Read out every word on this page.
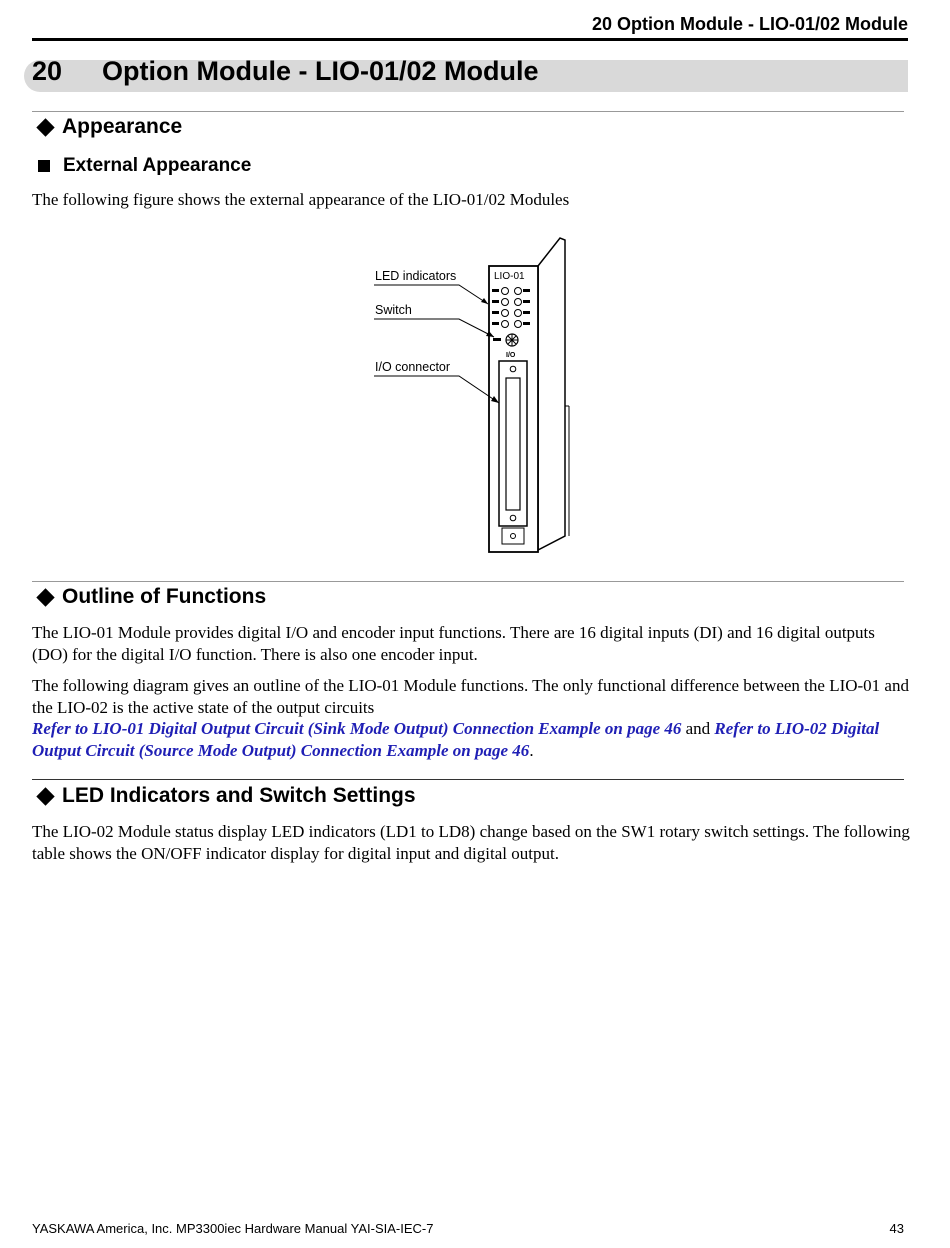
20 Option Module - LIO-01/02 Module
20 Option Module - LIO-01/02 Module
Appearance
External Appearance
The following figure shows the external appearance of the LIO-01/02 Modules
LIO-01
I/O
LED indicators
Switch
I/O connector
Outline of Functions
The LIO-01 Module provides digital I/O and encoder input functions. There are 16 digital inputs (DI) and 16 digital outputs (DO) for the digital I/O function. There is also one encoder input.
The following diagram gives an outline of the LIO-01 Module functions. The only functional difference between the LIO-01 and the LIO-02 is the active state of the output circuits
Refer to LIO-01 Digital Output Circuit (Sink Mode Output) Connection Example on page 46 and Refer to LIO-02 Digital Output Circuit (Source Mode Output) Connection Example on page 46.
LED Indicators and Switch Settings
The LIO-02 Module status display LED indicators (LD1 to LD8) change based on the SW1 rotary switch settings. The following table shows the ON/OFF indicator display for digital input and digital output.
YASKAWA America, Inc. MP3300iec Hardware Manual YAI-SIA-IEC-7	43
